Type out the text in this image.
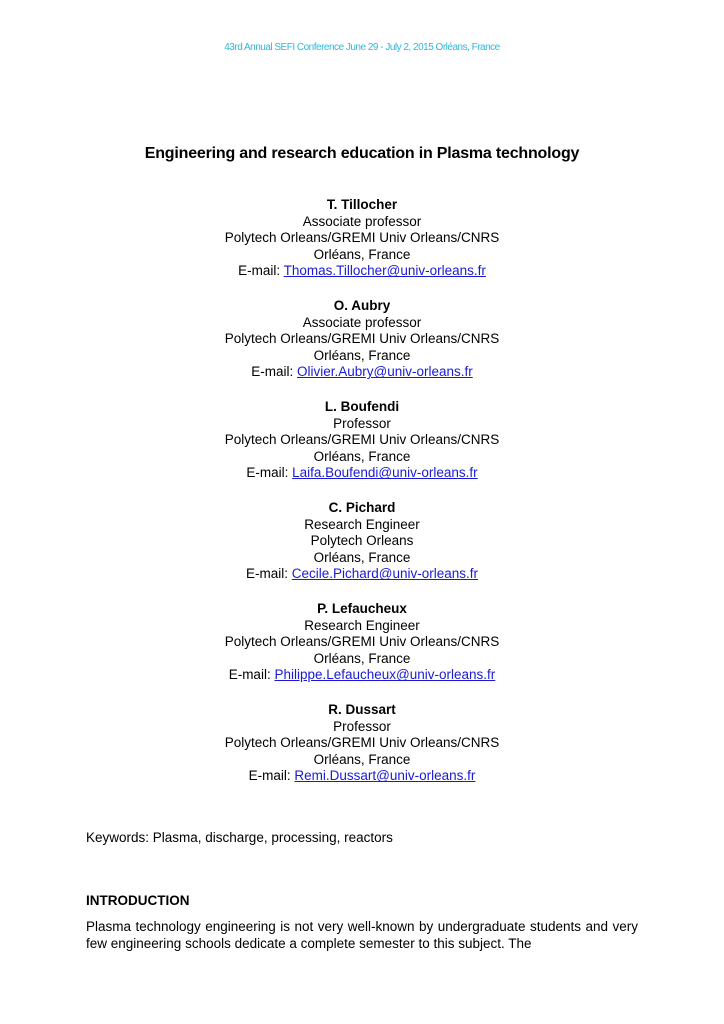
43rd Annual SEFI Conference June 29 - July 2, 2015 Orléans, France
Engineering and research education in Plasma technology
T. Tillocher
Associate professor
Polytech Orleans/GREMI Univ Orleans/CNRS
Orléans, France
E-mail: Thomas.Tillocher@univ-orleans.fr
O. Aubry
Associate professor
Polytech Orleans/GREMI Univ Orleans/CNRS
Orléans, France
E-mail: Olivier.Aubry@univ-orleans.fr
L. Boufendi
Professor
Polytech Orleans/GREMI Univ Orleans/CNRS
Orléans, France
E-mail: Laifa.Boufendi@univ-orleans.fr
C. Pichard
Research Engineer
Polytech Orleans
Orléans, France
E-mail: Cecile.Pichard@univ-orleans.fr
P. Lefaucheux
Research Engineer
Polytech Orleans/GREMI Univ Orleans/CNRS
Orléans, France
E-mail: Philippe.Lefaucheux@univ-orleans.fr
R. Dussart
Professor
Polytech Orleans/GREMI Univ Orleans/CNRS
Orléans, France
E-mail: Remi.Dussart@univ-orleans.fr
Keywords: Plasma, discharge, processing, reactors
INTRODUCTION
Plasma technology engineering is not very well-known by undergraduate students and very few engineering schools dedicate a complete semester to this subject. The
